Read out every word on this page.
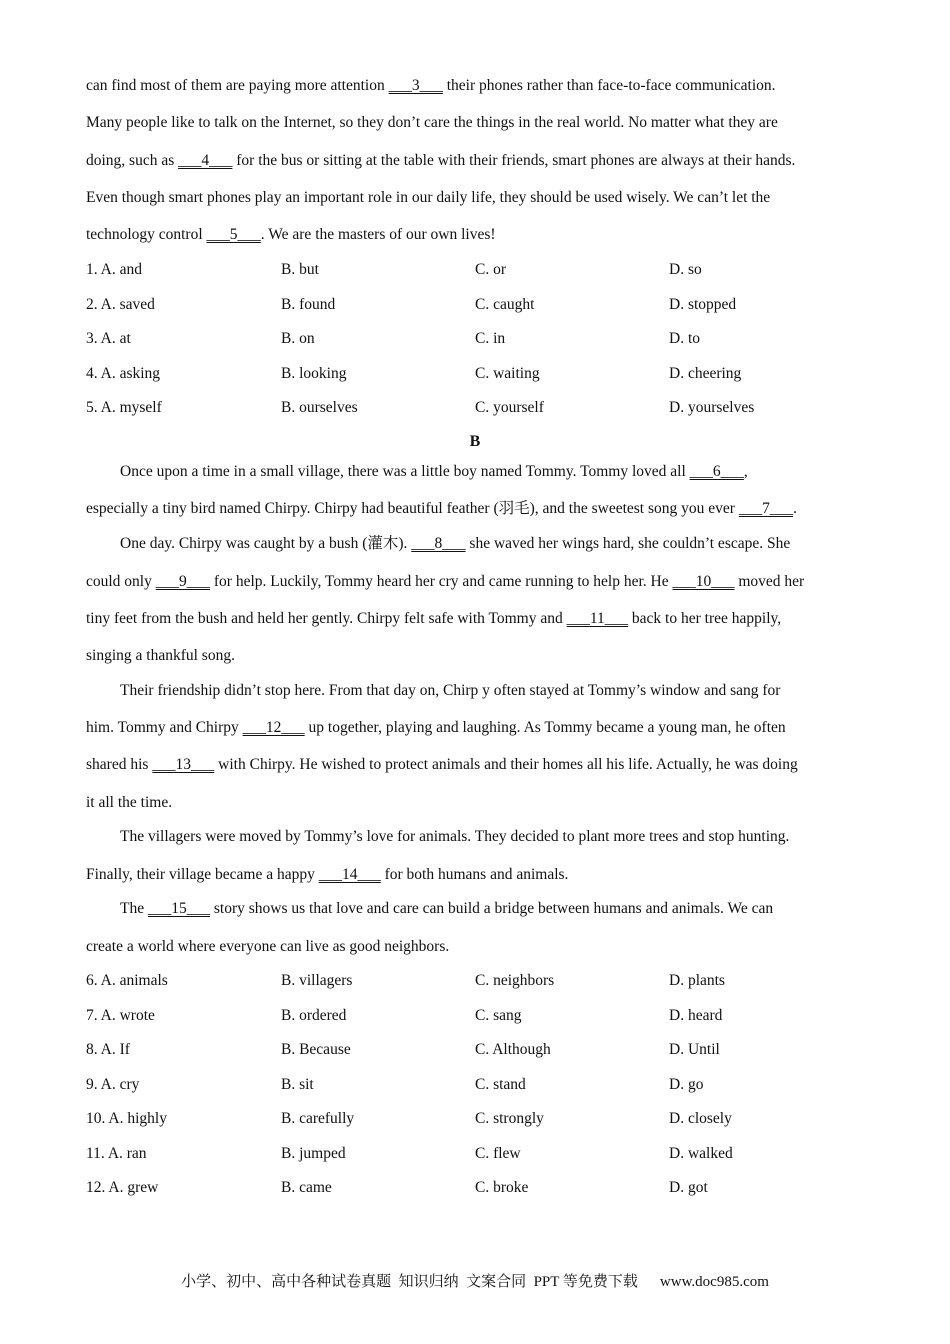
can find most of them are paying more attention ___3___ their phones rather than face-to-face communication.
Many people like to talk on the Internet, so they don’t care the things in the real world. No matter what they are
doing, such as ___4___ for the bus or sitting at the table with their friends, smart phones are always at their hands.
Even though smart phones play an important role in our daily life, they should be used wisely. We can’t let the
technology control ___5___. We are the masters of our own lives!
1. A. and	B. but	C. or	D. so
2. A. saved	B. found	C. caught	D. stopped
3. A. at	B. on	C. in	D. to
4. A. asking	B. looking	C. waiting	D. cheering
5. A. myself	B. ourselves	C. yourself	D. yourselves
B
Once upon a time in a small village, there was a little boy named Tommy. Tommy loved all ___6___,
especially a tiny bird named Chirpy. Chirpy had beautiful feather (羽毛), and the sweetest song you ever ___7___.
One day. Chirpy was caught by a bush (灌木). ___8___ she waved her wings hard, she couldn’t escape. She
could only ___9___ for help. Luckily, Tommy heard her cry and came running to help her. He ___10___ moved her
tiny feet from the bush and held her gently. Chirpy felt safe with Tommy and ___11___ back to her tree happily,
singing a thankful song.
Their friendship didn’t stop here. From that day on, Chirp y often stayed at Tommy’s window and sang for
him. Tommy and Chirpy ___12___ up together, playing and laughing. As Tommy became a young man, he often
shared his ___13___ with Chirpy. He wished to protect animals and their homes all his life. Actually, he was doing
it all the time.
The villagers were moved by Tommy’s love for animals. They decided to plant more trees and stop hunting.
Finally, their village became a happy ___14___ for both humans and animals.
The ___15___ story shows us that love and care can build a bridge between humans and animals. We can
create a world where everyone can live as good neighbors.
6. A. animals	B. villagers	C. neighbors	D. plants
7. A. wrote	B. ordered	C. sang	D. heard
8. A. If	B. Because	C. Although	D. Until
9. A. cry	B. sit	C. stand	D. go
10. A. highly	B. carefully	C. strongly	D. closely
11. A. ran	B. jumped	C. flew	D. walked
12. A. grew	B. came	C. broke	D. got
小学、初中、高中各种试卷真题  知识归纳  文案合同  PPT 等免费下载 www.doc985.com
